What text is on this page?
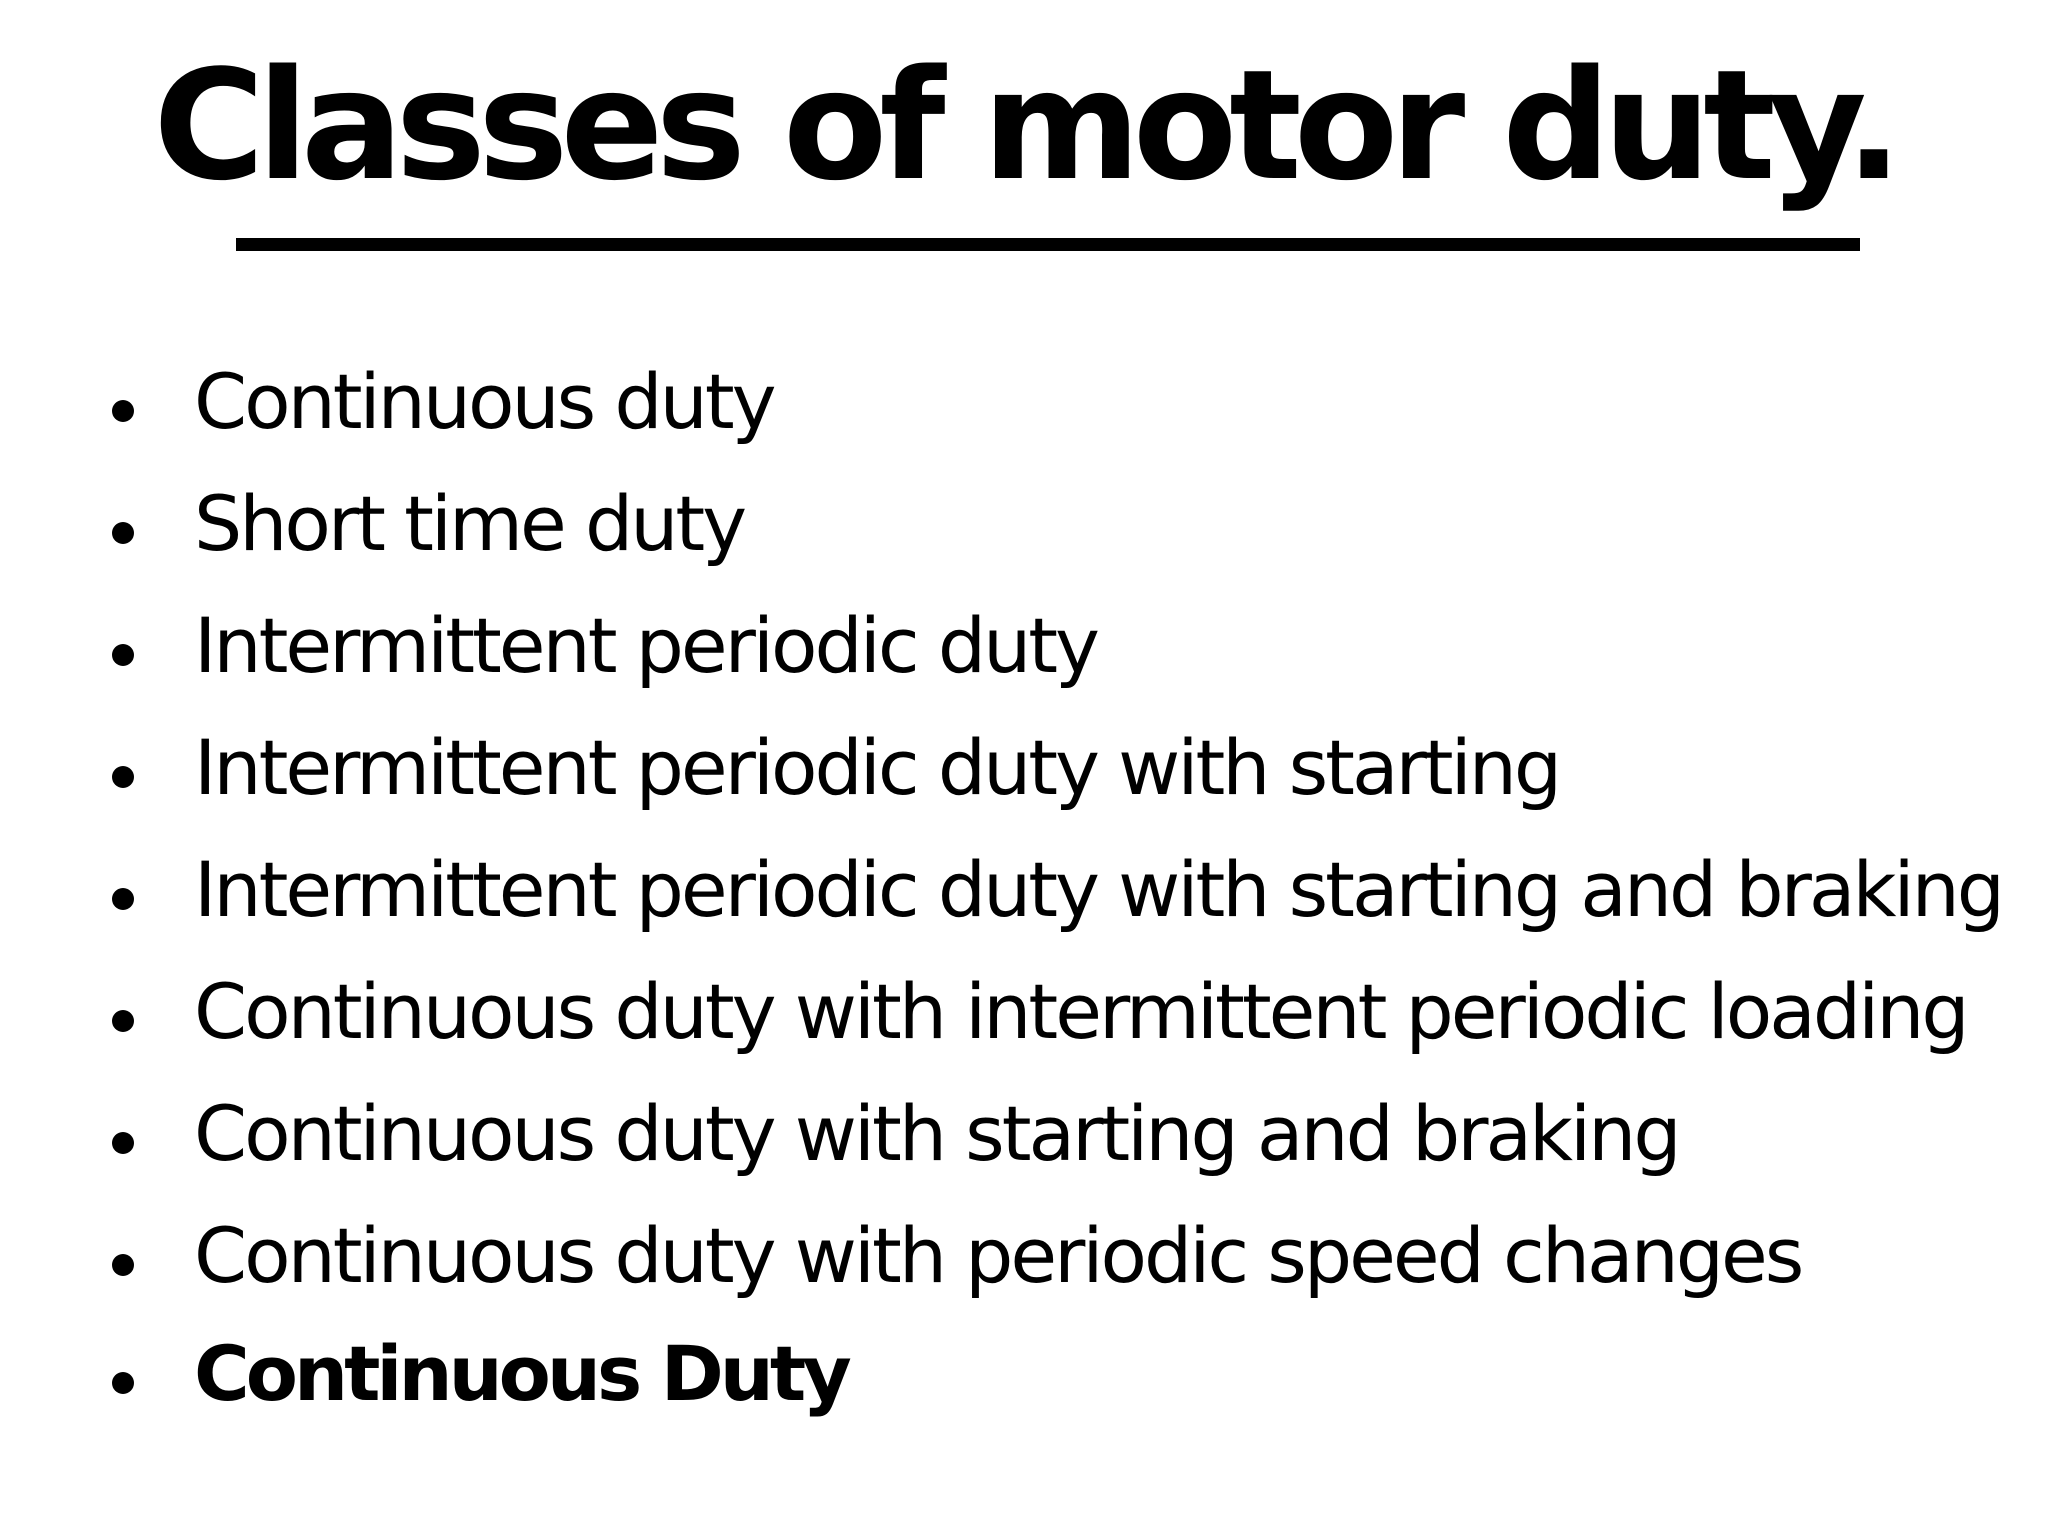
Classes of motor duty.
Continuous duty
Short time duty
Intermittent periodic duty
Intermittent periodic duty with starting
Intermittent periodic duty with starting and braking
Continuous duty with intermittent periodic loading
Continuous duty with starting and braking
Continuous duty with periodic speed changes
Continuous Duty
